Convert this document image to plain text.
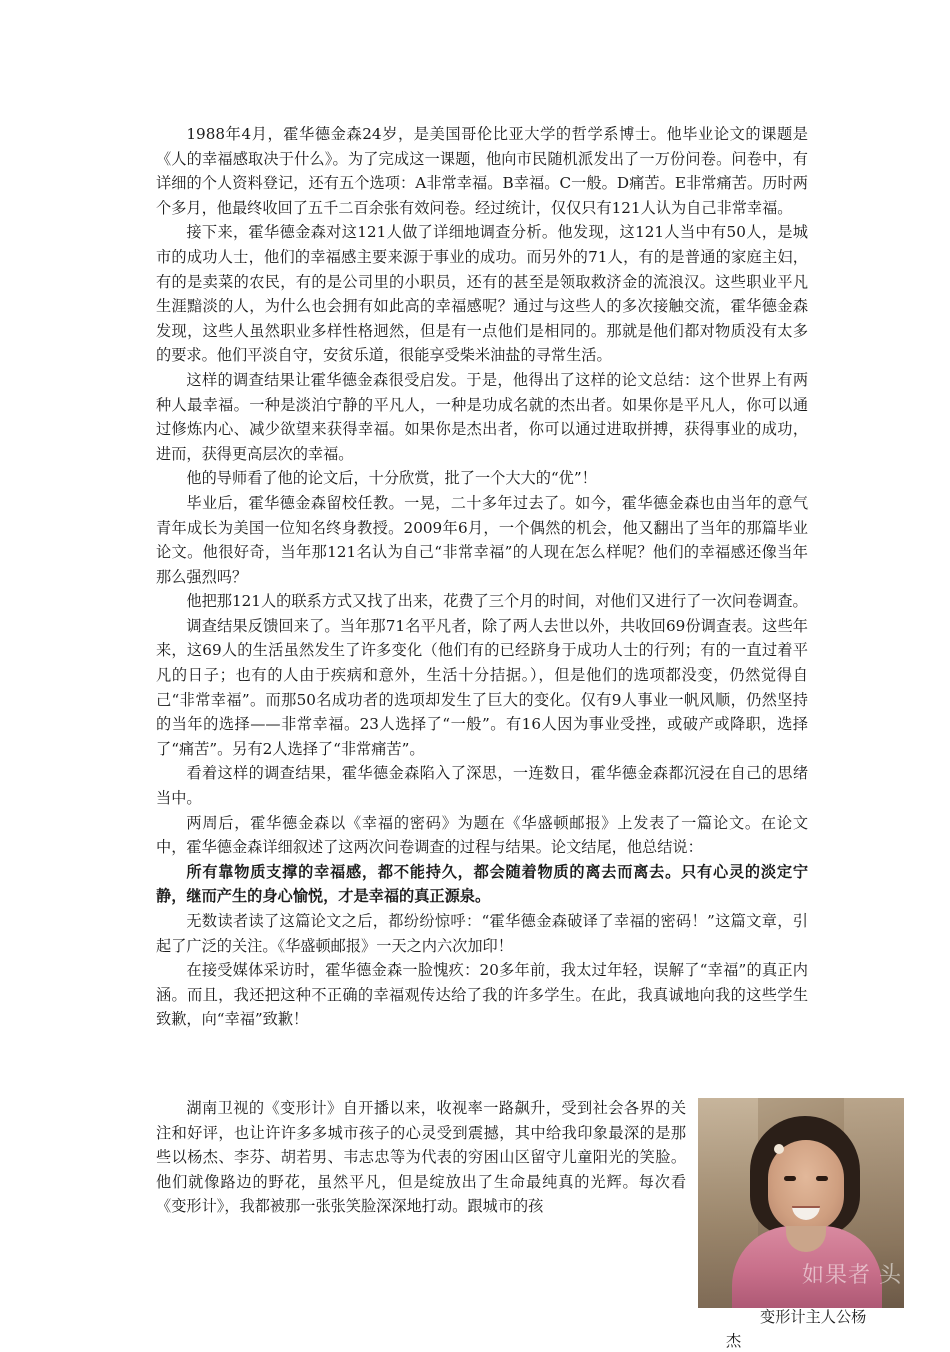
1988年4月，霍华德金森24岁，是美国哥伦比亚大学的哲学系博士。他毕业论文的课题是《人的幸福感取决于什么》。为了完成这一课题，他向市民随机派发出了一万份问卷。问卷中，有详细的个人资料登记，还有五个选项：A非常幸福。B幸福。C一般。D痛苦。E非常痛苦。历时两个多月，他最终收回了五千二百余张有效问卷。经过统计，仅仅只有121人认为自己非常幸福。

接下来，霍华德金森对这121人做了详细地调查分析。他发现，这121人当中有50人，是城市的成功人士，他们的幸福感主要来源于事业的成功。而另外的71人，有的是普通的家庭主妇，有的是卖菜的农民，有的是公司里的小职员，还有的甚至是领取救济金的流浪汉。这些职业平凡生涯黯淡的人，为什么也会拥有如此高的幸福感呢？通过与这些人的多次接触交流，霍华德金森发现，这些人虽然职业多样性格迥然，但是有一点他们是相同的。那就是他们都对物质没有太多的要求。他们平淡自守，安贫乐道，很能享受柴米油盐的寻常生活。

这样的调查结果让霍华德金森很受启发。于是，他得出了这样的论文总结：这个世界上有两种人最幸福。一种是淡泊宁静的平凡人，一种是功成名就的杰出者。如果你是平凡人，你可以通过修炼内心、减少欲望来获得幸福。如果你是杰出者，你可以通过进取拼搏，获得事业的成功，进而，获得更高层次的幸福。

他的导师看了他的论文后，十分欣赏，批了一个大大的“优”！

毕业后，霍华德金森留校任教。一晃，二十多年过去了。如今，霍华德金森也由当年的意气青年成长为美国一位知名终身教授。2009年6月，一个偶然的机会，他又翻出了当年的那篇毕业论文。他很好奇，当年那121名认为自己“非常幸福”的人现在怎么样呢？他们的幸福感还像当年那么强烈吗？

他把那121人的联系方式又找了出来，花费了三个月的时间，对他们又进行了一次问卷调查。

调查结果反馈回来了。当年那71名平凡者，除了两人去世以外，共收回69份调查表。这些年来，这69人的生活虽然发生了许多变化（他们有的已经跻身于成功人士的行列；有的一直过着平凡的日子；也有的人由于疾病和意外，生活十分拮据。），但是他们的选项都没变，仍然觉得自己“非常幸福”。而那50名成功者的选项却发生了巨大的变化。仅有9人事业一帆风顺，仍然坚持的当年的选择——非常幸福。23人选择了“一般”。有16人因为事业受挫，或破产或降职，选择了“痛苦”。另有2人选择了“非常痛苦”。

看着这样的调查结果，霍华德金森陷入了深思，一连数日，霍华德金森都沉浸在自己的思绪当中。

两周后，霍华德金森以《幸福的密码》为题在《华盛顿邮报》上发表了一篇论文。在论文中，霍华德金森详细叙述了这两次问卷调查的过程与结果。论文结尾，他总结说：

所有靠物质支撑的幸福感，都不能持久，都会随着物质的离去而离去。只有心灵的淡定宁静，继而产生的身心愉悦，才是幸福的真正源泉。

无数读者读了这篇论文之后，都纷纷惊呼：“霍华德金森破译了幸福的密码！”这篇文章，引起了广泛的关注。《华盛顿邮报》一天之内六次加印！

在接受媒体采访时，霍华德金森一脸愧疚：20多年前，我太过年轻，误解了“幸福”的真正内涵。而且，我还把这种不正确的幸福观传达给了我的许多学生。在此，我真诚地向我的这些学生致歉，向“幸福”致歉！

湖南卫视的《变形计》自开播以来，收视率一路飙升，受到社会各界的关注和好评，也让许许多多城市孩子的心灵受到震撼，其中给我印象最深的是那些以杨杰、李芬、胡若男、韦志忠等为代表的穷困山区留守儿童阳光的笑脸。他们就像路边的野花，虽然平凡，但是绽放出了生命最纯真的光辉。每次看《变形计》，我都被那一张张笑脸深深地打动。跟城市的孩

如果者 头
变形计主人公杨
杰
